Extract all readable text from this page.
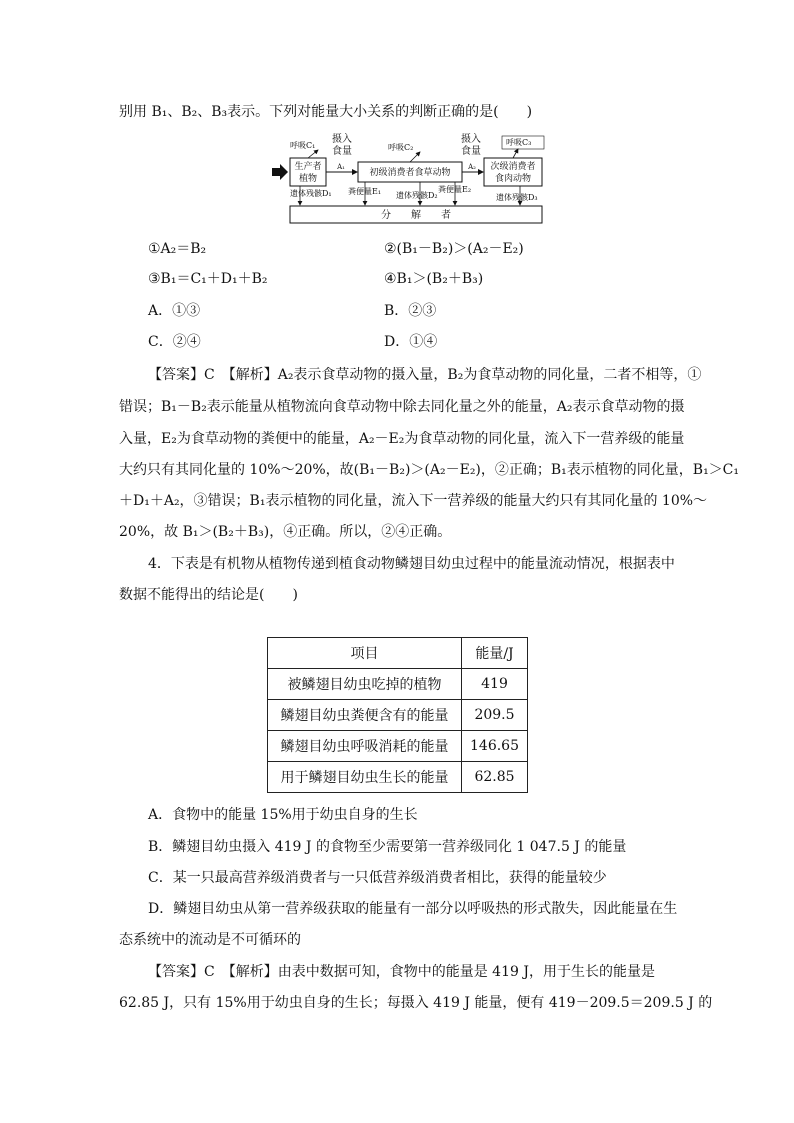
别用 B₁、B₂、B₃表示。下列对能量大小关系的判断正确的是(　　)
生产者
植物
初级消费者食草动物
次级消费者
食肉动物
A₁	A₂
摄入
食量
摄入
食量
呼吸C₁	呼吸C₂
呼吸C₃
遗体残骸D₁ 粪便量E₁ 遗体残骸D₂
粪便量E₂
遗体残骸D₃
分　　解　　者
①A₂＝B₂	②(B₁－B₂)＞(A₂－E₂)
③B₁＝C₁＋D₁＋B₂	④B₁＞(B₂＋B₃)
A．①③	B．②③
C．②④	D．①④
【答案】C　【解析】A₂表示食草动物的摄入量，B₂为食草动物的同化量，二者不相等，①
错误；B₁－B₂表示能量从植物流向食草动物中除去同化量之外的能量，A₂表示食草动物的摄
入量，E₂为食草动物的粪便中的能量，A₂－E₂为食草动物的同化量，流入下一营养级的能量
大约只有其同化量的 10%～20%，故(B₁－B₂)＞(A₂－E₂)，②正确；B₁表示植物的同化量，B₁＞C₁
＋D₁＋A₂，③错误；B₁表示植物的同化量，流入下一营养级的能量大约只有其同化量的 10%～
20%，故 B₁＞(B₂＋B₃)，④正确。所以，②④正确。
4．下表是有机物从植物传递到植食动物鳞翅目幼虫过程中的能量流动情况，根据表中
数据不能得出的结论是(　　)
项目	能量/J
被鳞翅目幼虫吃掉的植物	419
鳞翅目幼虫粪便含有的能量	209.5
鳞翅目幼虫呼吸消耗的能量	146.65
用于鳞翅目幼虫生长的能量	62.85
A．食物中的能量 15%用于幼虫自身的生长
B．鳞翅目幼虫摄入 419 J 的食物至少需要第一营养级同化 1 047.5 J 的能量
C．某一只最高营养级消费者与一只低营养级消费者相比，获得的能量较少
D．鳞翅目幼虫从第一营养级获取的能量有一部分以呼吸热的形式散失，因此能量在生
态系统中的流动是不可循环的
【答案】C　【解析】由表中数据可知，食物中的能量是 419 J，用于生长的能量是
62.85 J，只有 15%用于幼虫自身的生长；每摄入 419 J 能量，便有 419－209.5＝209.5 J 的
